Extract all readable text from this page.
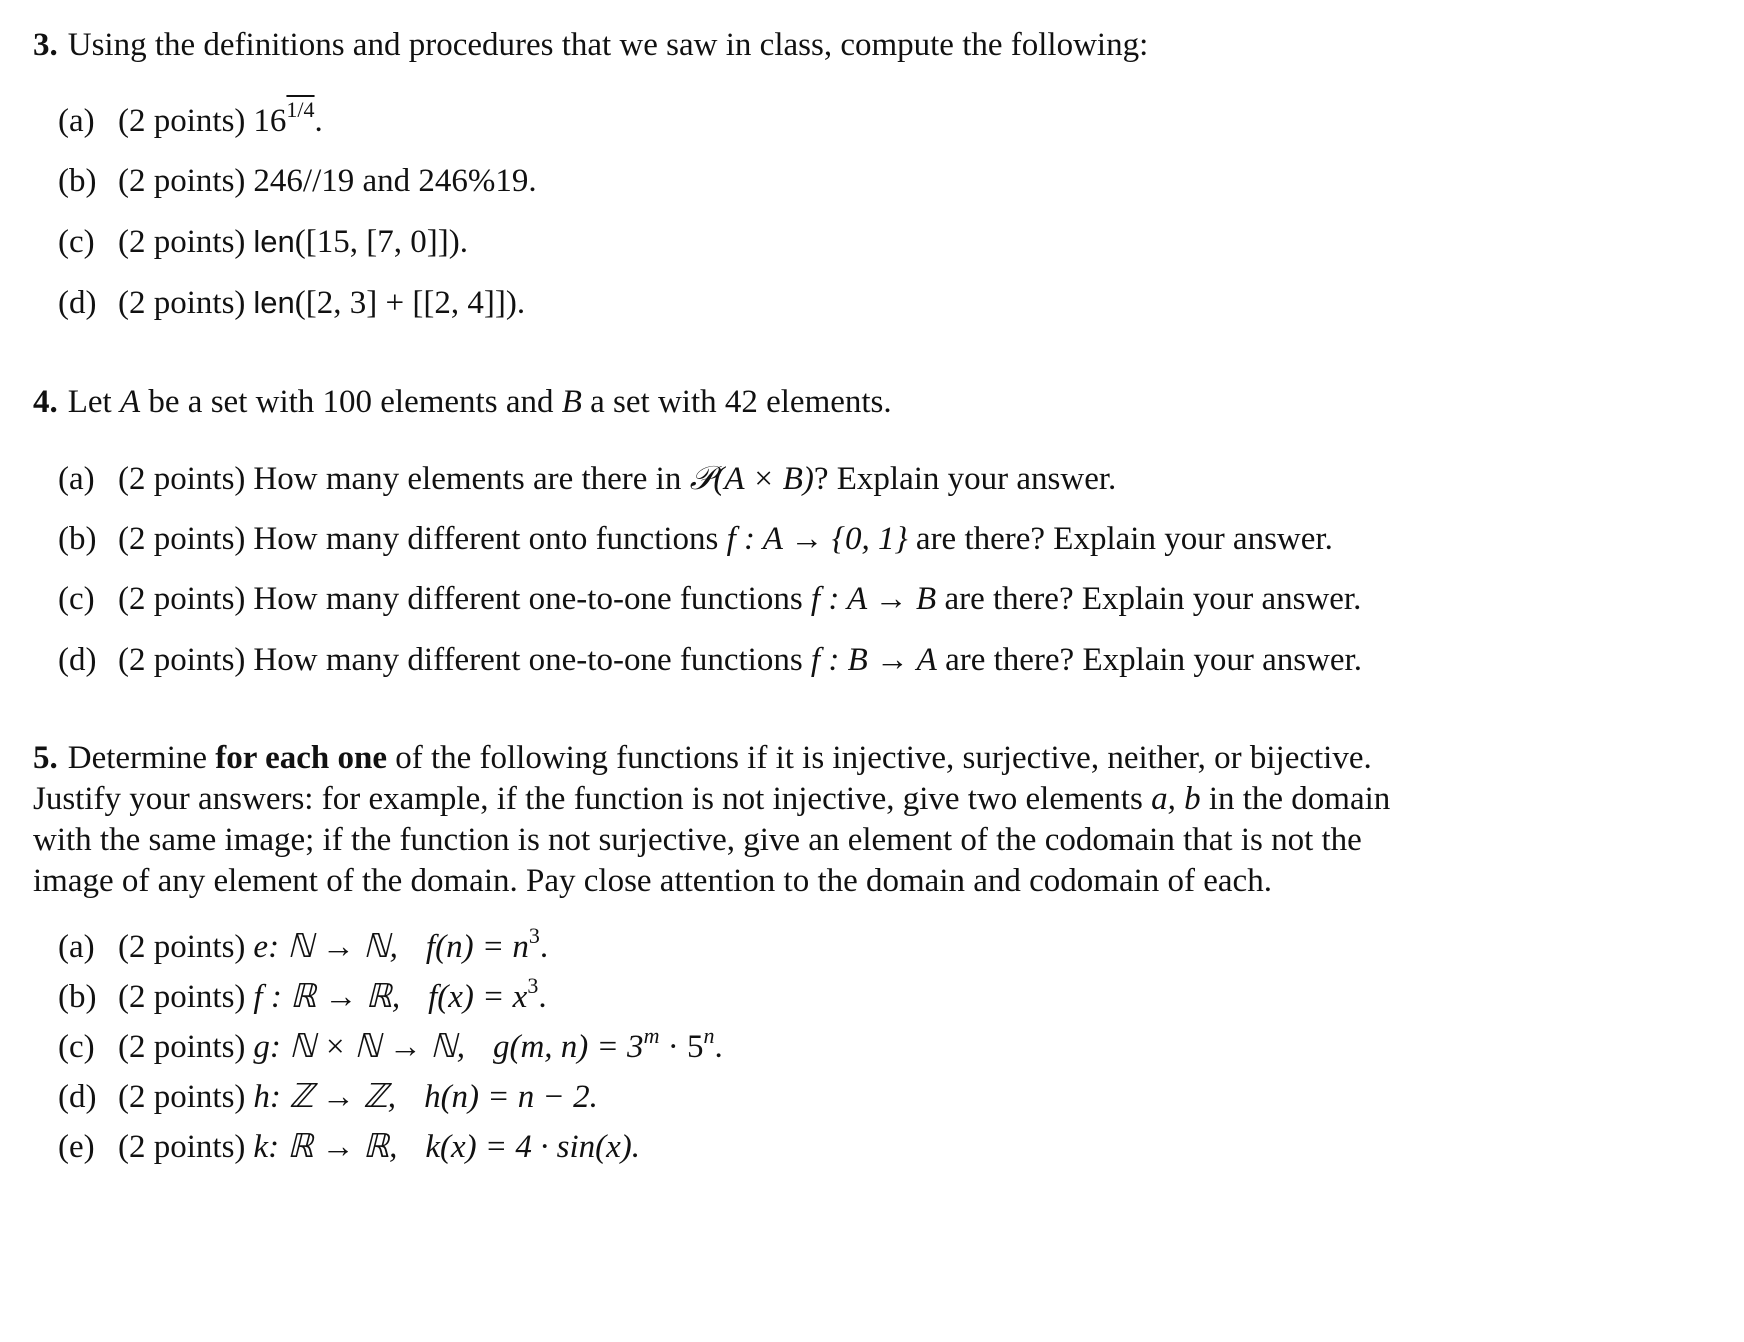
3. Using the definitions and procedures that we saw in class, compute the following:
(a) (2 points) $16^{1/4}$.
(b) (2 points) 246//19 and 246%19.
(c) (2 points) len([15, [7, 0]]).
(d) (2 points) len([2, 3] + [[2, 4]]).
4. Let A be a set with 100 elements and B a set with 42 elements.
(a) (2 points) How many elements are there in 𝒫(A × B)? Explain your answer.
(b) (2 points) How many different onto functions f : A → {0, 1} are there? Explain your answer.
(c) (2 points) How many different one-to-one functions f : A → B are there? Explain your answer.
(d) (2 points) How many different one-to-one functions f : B → A are there? Explain your answer.
5. Determine for each one of the following functions if it is injective, surjective, neither, or bijective.
Justify your answers: for example, if the function is not injective, give two elements a, b in the domain
with the same image; if the function is not surjective, give an element of the codomain that is not the
image of any element of the domain. Pay close attention to the domain and codomain of each.
(a) (2 points) e: ℕ → ℕ, $f(n) = n^3$.
(b) (2 points) f : ℝ → ℝ, $f(x) = x^3$.
(c) (2 points) g: ℕ × ℕ → ℕ, g(m, $n) = 3^m \cdot 5^n$.
(d) (2 points) h: ℤ → ℤ, h(n) = n − 2.
(e) (2 points) k: ℝ → ℝ, k(x) = 4 · sin(x).
